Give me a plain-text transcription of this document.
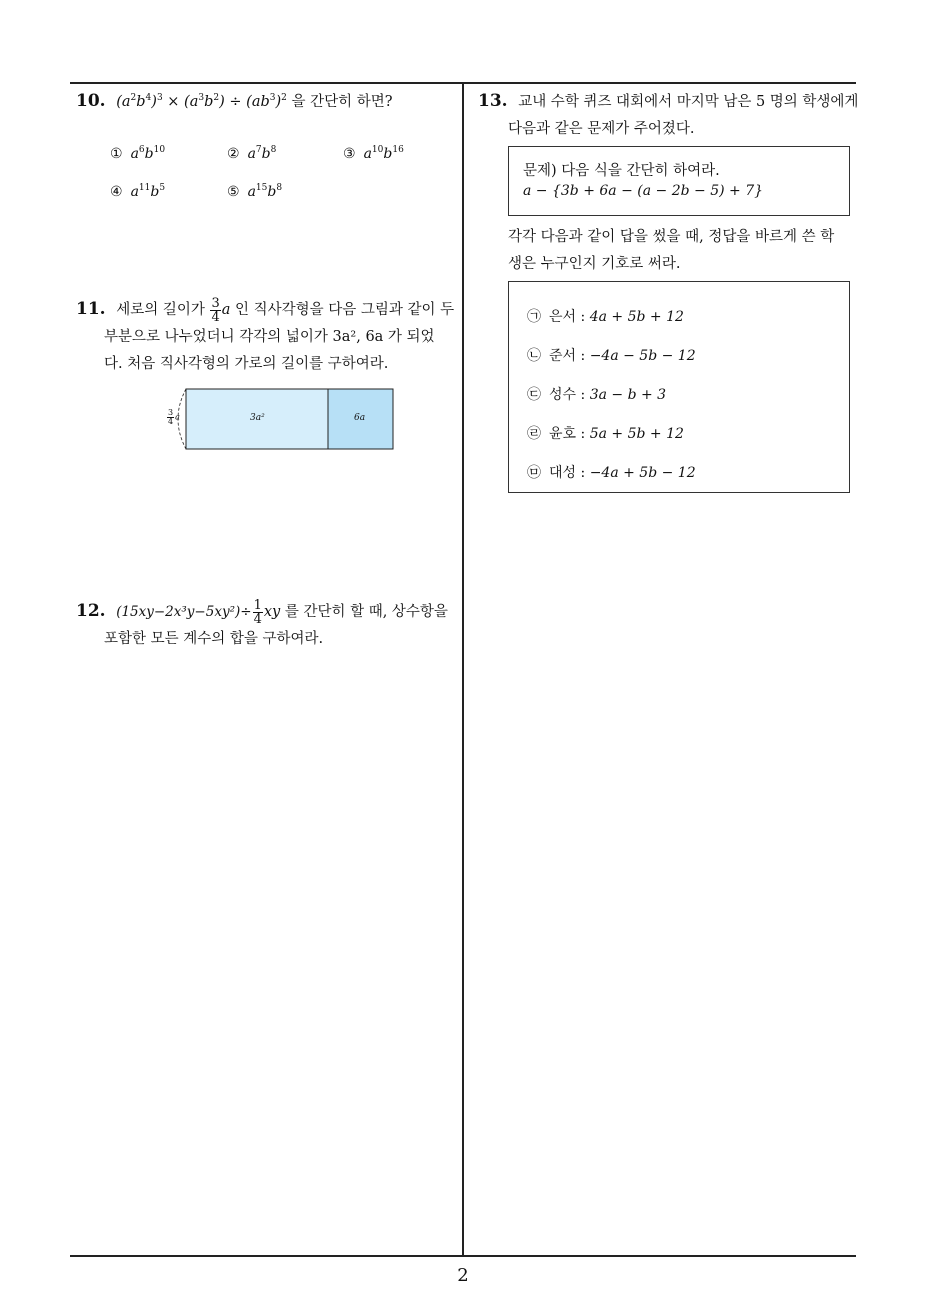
10. $(a^2b^4)^3 \times (a^3b^2) \div (ab^3)^2$ 을 간단히 하면?
① $a^6b^{10}$	② $a^7b^8$	③ $a^{10}b^{16}$
④ $a^{11}b^5$	⑤ $a^{15}b^8$
11. 세로의 길이가 $\frac{3}{4}$ a 인 직사각형을 다음 그림과 같이 두
부분으로 나누었더니 각각의 넓이가 3a², 6a 가 되었
다. 처음 직사각형의 가로의 길이를 구하여라.
$\frac{3}{4}$ a	3a²	6a
12. $(15xy-2x^3y-5xy^2)\div \frac{1}{4}$ xy 를 간단히 할 때, 상수항을
포함한 모든 계수의 합을 구하여라.
13. 교내 수학 퀴즈 대회에서 마지막 남은 5 명의 학생에게
다음과 같은 문제가 주어졌다.
문제) 다음 식을 간단히 하여라.
a − {3b + 6a − (a − 2b − 5) + 7}
각각 다음과 같이 답을 썼을 때, 정답을 바르게 쓴 학
생은 누구인지 기호로 써라.
㉠ 은서 : 4a + 5b + 12
㉡ 준서 : −4a − 5b − 12
㉢ 성수 : 3a − b + 3
㉣ 윤호 : 5a + 5b + 12
㉤ 대성 : −4a + 5b − 12
2
